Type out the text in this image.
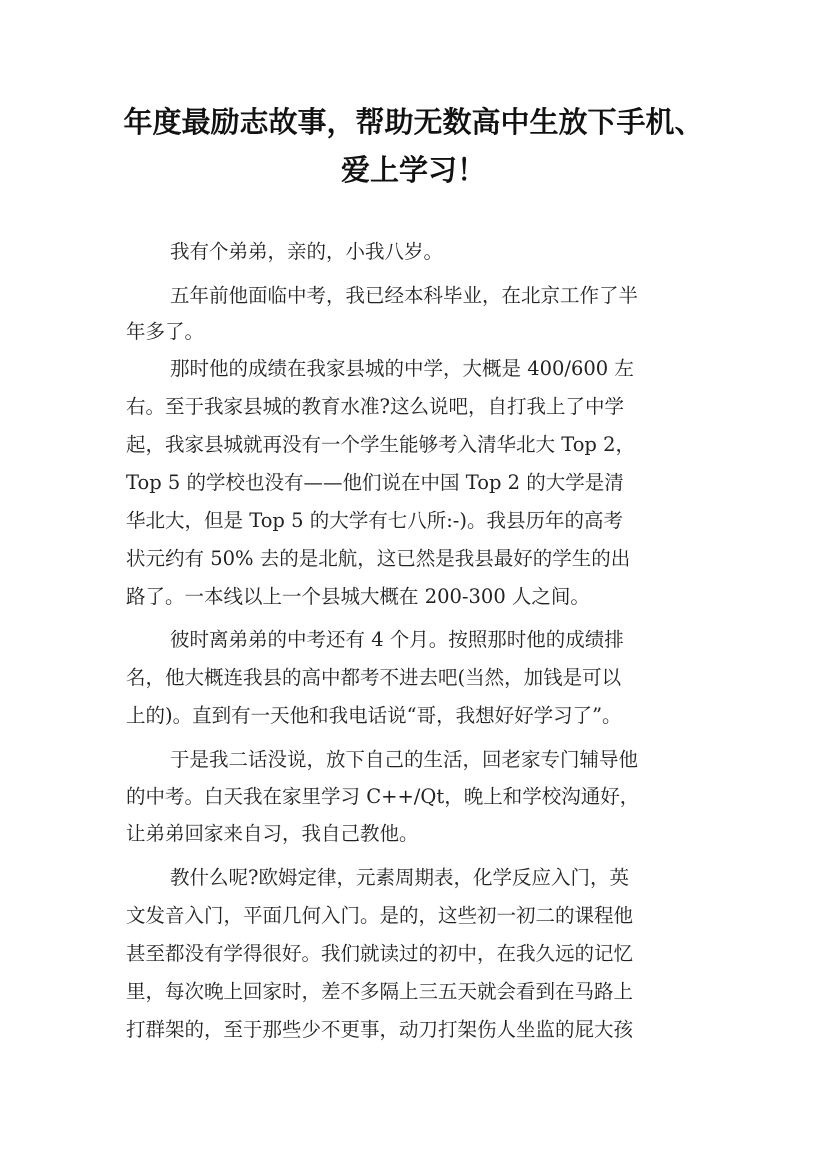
年度最励志故事，帮助无数高中生放下手机、
爱上学习！

我有个弟弟，亲的，小我八岁。

五年前他面临中考，我已经本科毕业，在北京工作了半

年多了。

那时他的成绩在我家县城的中学，大概是 400/600 左

右。至于我家县城的教育水准?这么说吧，自打我上了中学

起，我家县城就再没有一个学生能够考入清华北大 Top 2，

Top 5 的学校也没有——他们说在中国 Top 2 的大学是清

华北大，但是 Top 5 的大学有七八所:-)。我县历年的高考

状元约有 50% 去的是北航，这已然是我县最好的学生的出

路了。一本线以上一个县城大概在 200-300 人之间。

彼时离弟弟的中考还有 4 个月。按照那时他的成绩排

名，他大概连我县的高中都考不进去吧(当然，加钱是可以

上的)。直到有一天他和我电话说“哥，我想好好学习了”。

于是我二话没说，放下自己的生活，回老家专门辅导他

的中考。白天我在家里学习 C++/Qt，晚上和学校沟通好，

让弟弟回家来自习，我自己教他。

教什么呢?欧姆定律，元素周期表，化学反应入门，英

文发音入门，平面几何入门。是的，这些初一初二的课程他

甚至都没有学得很好。我们就读过的初中，在我久远的记忆

里，每次晚上回家时，差不多隔上三五天就会看到在马路上

打群架的，至于那些少不更事，动刀打架伤人坐监的屁大孩
